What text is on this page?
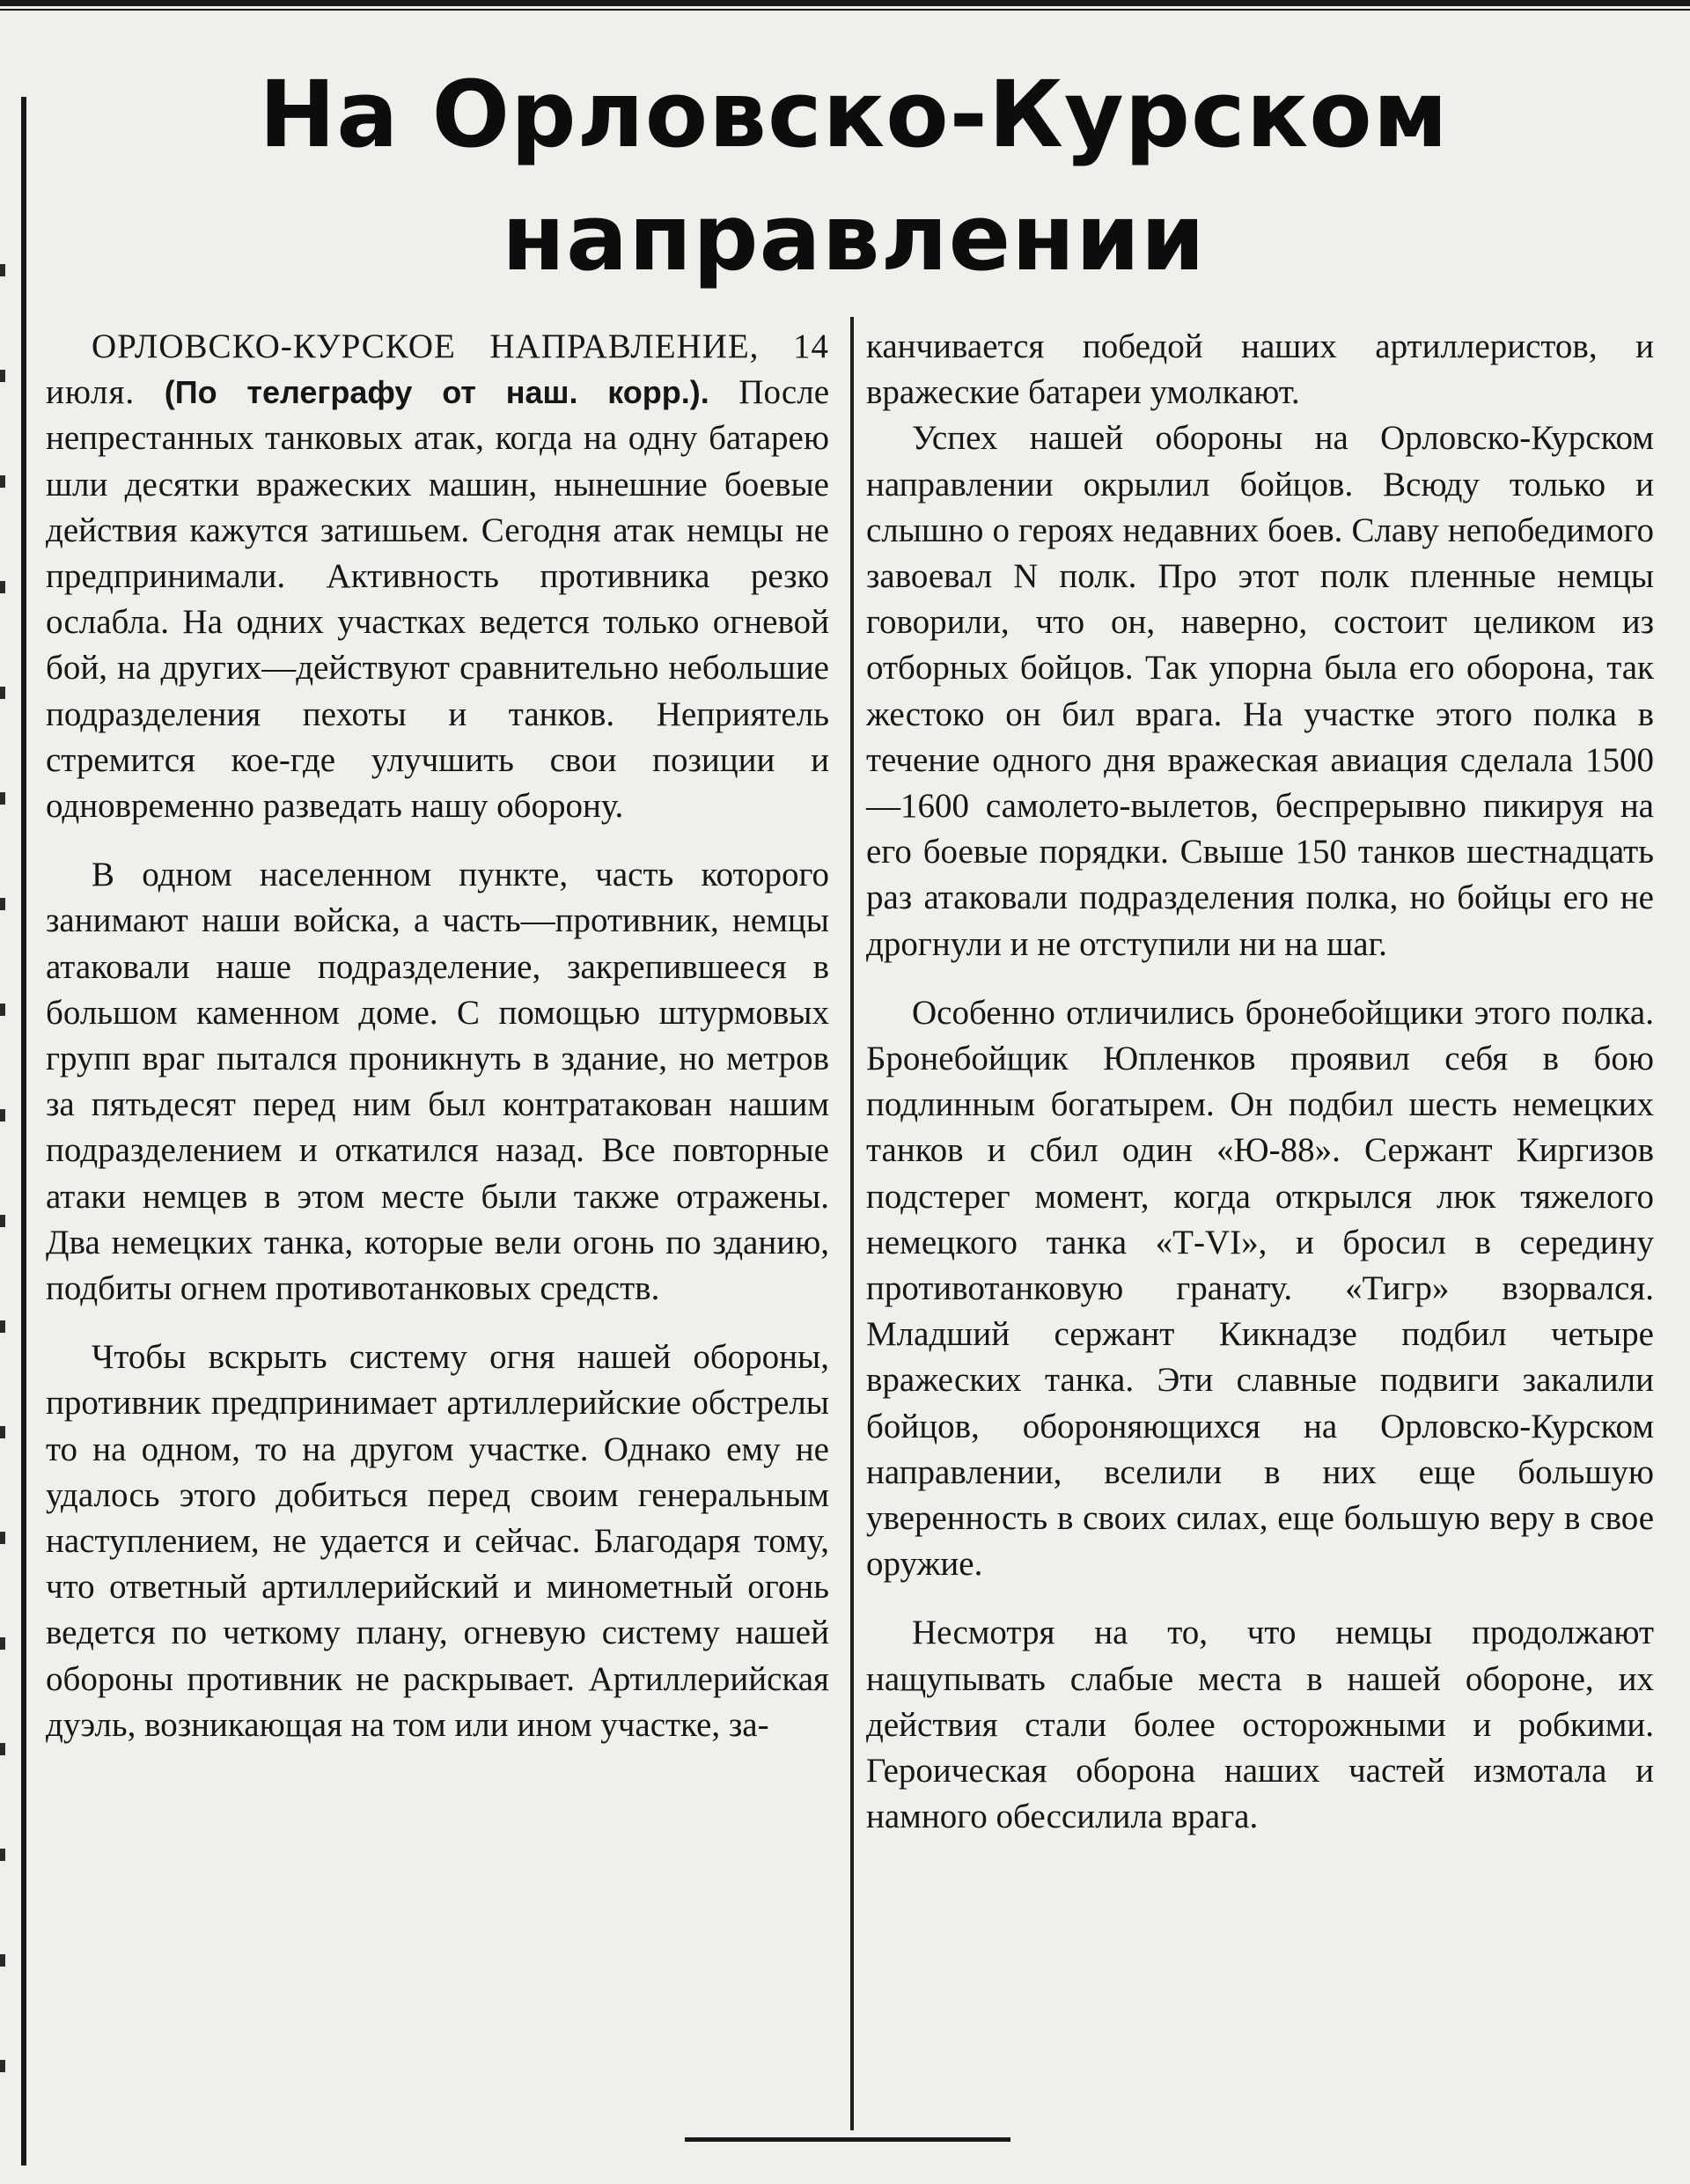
На Орловско-Курском
направлении

ОРЛОВСКО-КУРСКОЕ НАПРАВЛЕНИЕ, 14 июля. (По телеграфу от наш. корр.). После непрестанных танковых атак, когда на одну батарею шли десятки вражеских машин, нынешние боевые действия кажутся затишьем. Сегодня атак немцы не предпринимали. Активность противника резко ослабла. На одних участках ведется только огневой бой, на других—действуют сравнительно небольшие подразделения пехоты и танков. Неприятель стремится кое-где улучшить свои позиции и одновременно разведать нашу оборону.

В одном населенном пункте, часть которого занимают наши войска, а часть—противник, немцы атаковали наше подразделение, закрепившееся в большом каменном доме. С помощью штурмовых групп враг пытался проникнуть в здание, но метров за пятьдесят перед ним был контратакован нашим подразделением и откатился назад. Все повторные атаки немцев в этом месте были также отражены. Два немецких танка, которые вели огонь по зданию, подбиты огнем противотанковых средств.

Чтобы вскрыть систему огня нашей обороны, противник предпринимает артиллерийские обстрелы то на одном, то на другом участке. Однако ему не удалось этого добиться перед своим генеральным наступлением, не удается и сейчас. Благодаря тому, что ответный артиллерийский и минометный огонь ведется по четкому плану, огневую систему нашей обороны противник не раскрывает. Артиллерийская дуэль, возникающая на том или ином участке, за-

канчивается победой наших артиллеристов, и вражеские батареи умолкают.

Успех нашей обороны на Орловско-Курском направлении окрылил бойцов. Всюду только и слышно о героях недавних боев. Славу непобедимого завоевал N полк. Про этот полк пленные немцы говорили, что он, наверно, состоит целиком из отборных бойцов. Так упорна была его оборона, так жестоко он бил врага. На участке этого полка в течение одного дня вражеская авиация сделала 1500—1600 самолето-вылетов, беспрерывно пикируя на его боевые порядки. Свыше 150 танков шестнадцать раз атаковали подразделения полка, но бойцы его не дрогнули и не отступили ни на шаг.

Особенно отличились бронебойщики этого полка. Бронебойщик Юпленков проявил себя в бою подлинным богатырем. Он подбил шесть немецких танков и сбил один «Ю-88». Сержант Киргизов подстерег момент, когда открылся люк тяжелого немецкого танка «Т-VI», и бросил в середину противотанковую гранату. «Тигр» взорвался. Младший сержант Кикнадзе подбил четыре вражеских танка. Эти славные подвиги закалили бойцов, обороняющихся на Орловско-Курском направлении, вселили в них еще большую уверенность в своих силах, еще большую веру в свое оружие.

Несмотря на то, что немцы продолжают нащупывать слабые места в нашей обороне, их действия стали более осторожными и робкими. Героическая оборона наших частей измотала и намного обессилила врага.
